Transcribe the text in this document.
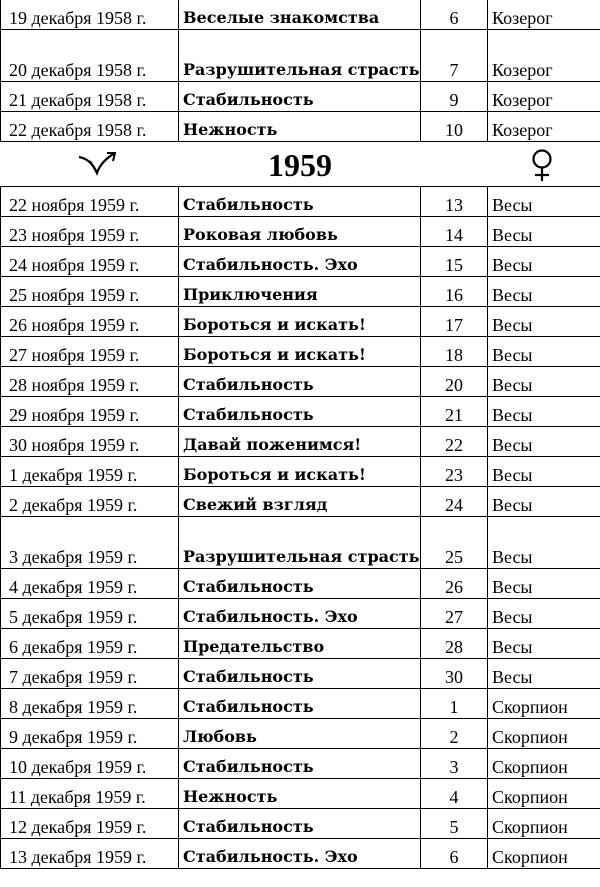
19 декабря 1958 г.	Веселые знакомства	6	Козерог
20 декабря 1958 г.	Разрушительная страсть	7	Козерог
21 декабря 1958 г.	Стабильность	9	Козерог
22 декабря 1958 г.	Нежность	10	Козерог
1959
22 ноября 1959 г.	Стабильность	13	Весы
23 ноября 1959 г.	Роковая любовь	14	Весы
24 ноября 1959 г.	Стабильность. Эхо	15	Весы
25 ноября 1959 г.	Приключения	16	Весы
26 ноября 1959 г.	Бороться и искать!	17	Весы
27 ноября 1959 г.	Бороться и искать!	18	Весы
28 ноября 1959 г.	Стабильность	20	Весы
29 ноября 1959 г.	Стабильность	21	Весы
30 ноября 1959 г.	Давай поженимся!	22	Весы
1 декабря 1959 г.	Бороться и искать!	23	Весы
2 декабря 1959 г.	Свежий взгляд	24	Весы
3 декабря 1959 г.	Разрушительная страсть	25	Весы
4 декабря 1959 г.	Стабильность	26	Весы
5 декабря 1959 г.	Стабильность. Эхо	27	Весы
6 декабря 1959 г.	Предательство	28	Весы
7 декабря 1959 г.	Стабильность	30	Весы
8 декабря 1959 г.	Стабильность	1	Скорпион
9 декабря 1959 г.	Любовь	2	Скорпион
10 декабря 1959 г.	Стабильность	3	Скорпион
11 декабря 1959 г.	Нежность	4	Скорпион
12 декабря 1959 г.	Стабильность	5	Скорпион
13 декабря 1959 г.	Стабильность. Эхо	6	Скорпион
